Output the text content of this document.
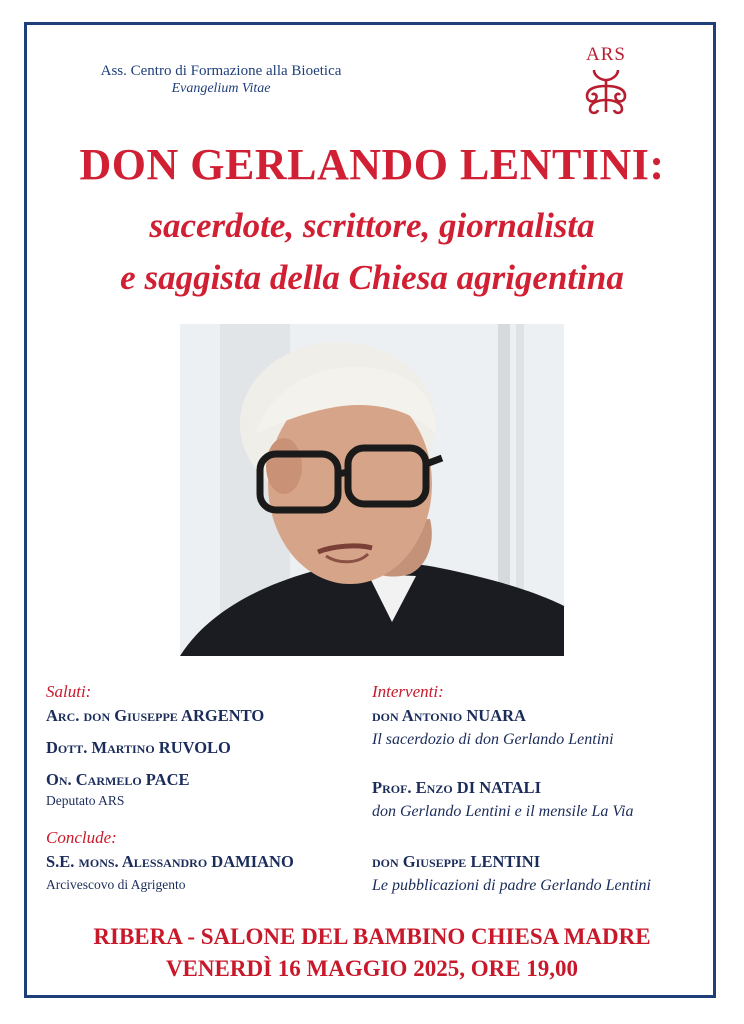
Ass. Centro di Formazione alla Bioetica
Evangelium Vitae
ARS
DON GERLANDO LENTINI:
sacerdote, scrittore, giornalista
e saggista della Chiesa agrigentina
Saluti:
Arc. don Giuseppe ARGENTO
Dott. Martino RUVOLO
On. Carmelo PACE
Deputato ARS
Conclude:
S.E. mons. Alessandro DAMIANO
Arcivescovo di Agrigento
Interventi:
don Antonio NUARA
Il sacerdozio di don Gerlando Lentini
Prof. Enzo DI NATALI
don Gerlando Lentini e il mensile La Via
don Giuseppe LENTINI
Le pubblicazioni di padre Gerlando Lentini

RIBERA - SALONE DEL BAMBINO CHIESA MADRE

VENERDÌ 16 MAGGIO 2025, ORE 19,00
